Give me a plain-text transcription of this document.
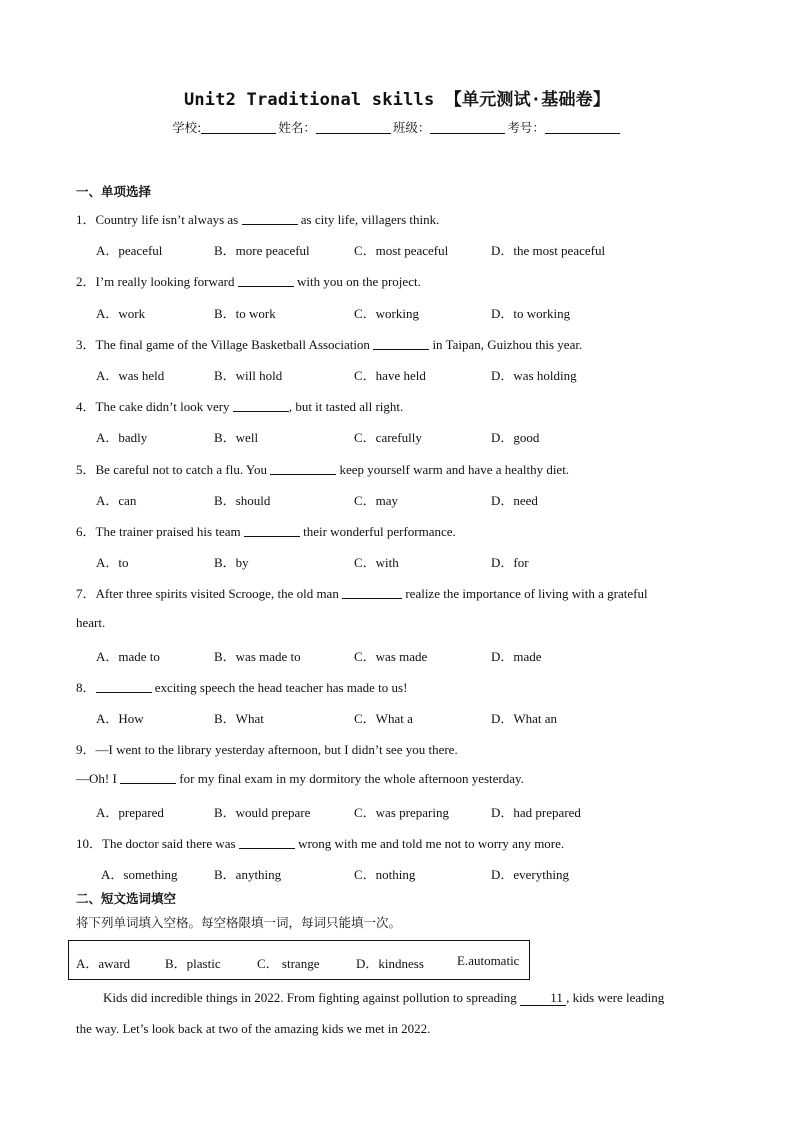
Unit2 Traditional skills 【单元测试·基础卷】
学校:	姓名：	班级：	考号：
一、单项选择
1．Country life isn’t always as	as city life, villagers think.
A．peaceful	B．more peaceful	C．most peaceful	D．the most peaceful
2．I’m really looking forward	with you on the project.
A．work	B．to work	C．working	D．to working
3．The final game of the Village Basketball Association	in Taipan, Guizhou this year.
A．was held	B．will hold	C．have held	D．was holding
4．The cake didn’t look very	, but it tasted all right.
A．badly	B．well	C．carefully	D．good
5．Be careful not to catch a flu. You	keep yourself warm and have a healthy diet.
A．can	B．should	C．may	D．need
6．The trainer praised his team	their wonderful performance.
A．to	B．by	C．with	D．for
7．After three spirits visited Scrooge, the old man	realize the importance of living with a grateful
heart.
A．made to	B．was made to	C．was made	D．made
8．	exciting speech the head teacher has made to us!
A．How	B．What	C．What a	D．What an
9．—I went to the library yesterday afternoon, but I didn’t see you there.
—Oh! I	for my final exam in my dormitory the whole afternoon yesterday.
A．prepared	B．would prepare	C．was preparing	D．had prepared
10．The doctor said there was	wrong with me and told me not to worry any more.
A．something	B．anything	C．nothing	D．everything
二、短文选词填空
将下列单词填入空格。每空格限填一词，每词只能填一次。
A．award	B．plastic	C． strange	D．kindness	E.automatic
Kids did incredible things in 2022. From fighting against pollution to spreading 11 , kids were leading
the way. Let’s look back at two of the amazing kids we met in 2022.
